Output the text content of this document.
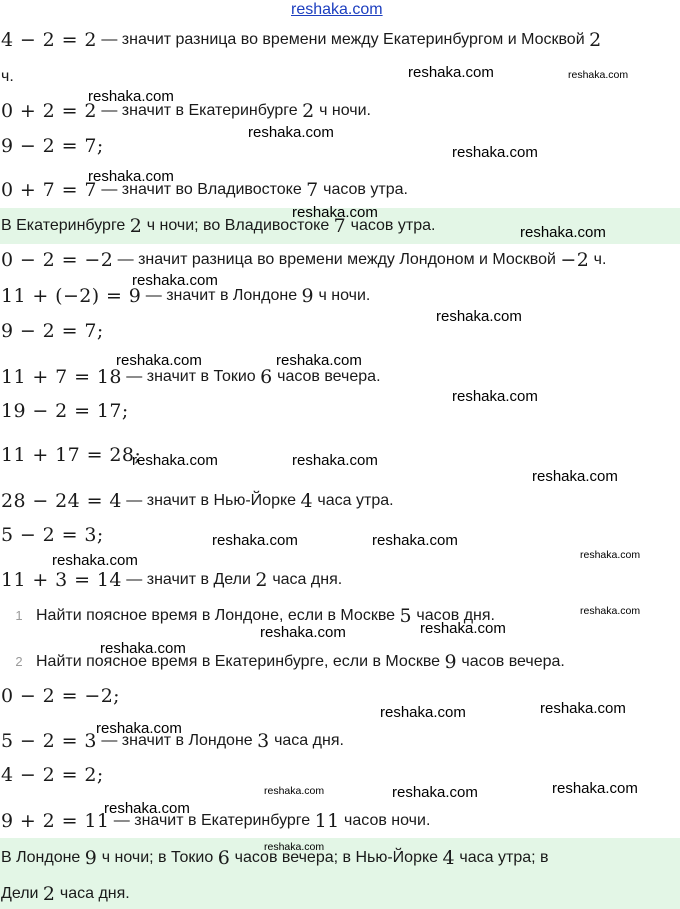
reshaka.com
4 − 2 = 2 — значит разница во времени между Екатеринбургом и Москвой 2
ч.
0 + 2 = 2 — значит в Екатеринбурге 2 ч ночи.
9 − 2 = 7;
0 + 7 = 7 — значит во Владивостоке 7 часов утра.
В Екатеринбурге 2 ч ночи; во Владивостоке 7 часов утра.
0 − 2 = −2 — значит разница во времени между Лондоном и Москвой −2 ч.
11 + (−2) = 9 — значит в Лондоне 9 ч ночи.
9 − 2 = 7;
11 + 7 = 18 — значит в Токио 6 часов вечера.
19 − 2 = 17;
11 + 17 = 28;
28 − 24 = 4 — значит в Нью-Йорке 4 часа утра.
5 − 2 = 3;
11 + 3 = 14 — значит в Дели 2 часа дня.
1 Найти поясное время в Лондоне, если в Москве 5 часов дня.
2 Найти поясное время в Екатеринбурге, если в Москве 9 часов вечера.
0 − 2 = −2;
5 − 2 = 3 — значит в Лондоне 3 часа дня.
4 − 2 = 2;
9 + 2 = 11 — значит в Екатеринбурге 11 часов ночи.
В Лондоне 9 ч ночи; в Токио 6 часов вечера; в Нью-Йорке 4 часа утра; в
Дели 2 часа дня.
reshaka.com	reshaka.com
reshaka.com
reshaka.com
reshaka.com
reshaka.com
reshaka.com
reshaka.com
reshaka.com
reshaka.com
reshaka.com	reshaka.com
reshaka.com
reshaka.com	reshaka.com
reshaka.com
reshaka.com	reshaka.com
reshaka.com
reshaka.com
reshaka.com
reshaka.com	reshaka.com
reshaka.com
reshaka.com	reshaka.com
reshaka.com
reshaka.com	reshaka.com	reshaka.com
reshaka.com
reshaka.com
